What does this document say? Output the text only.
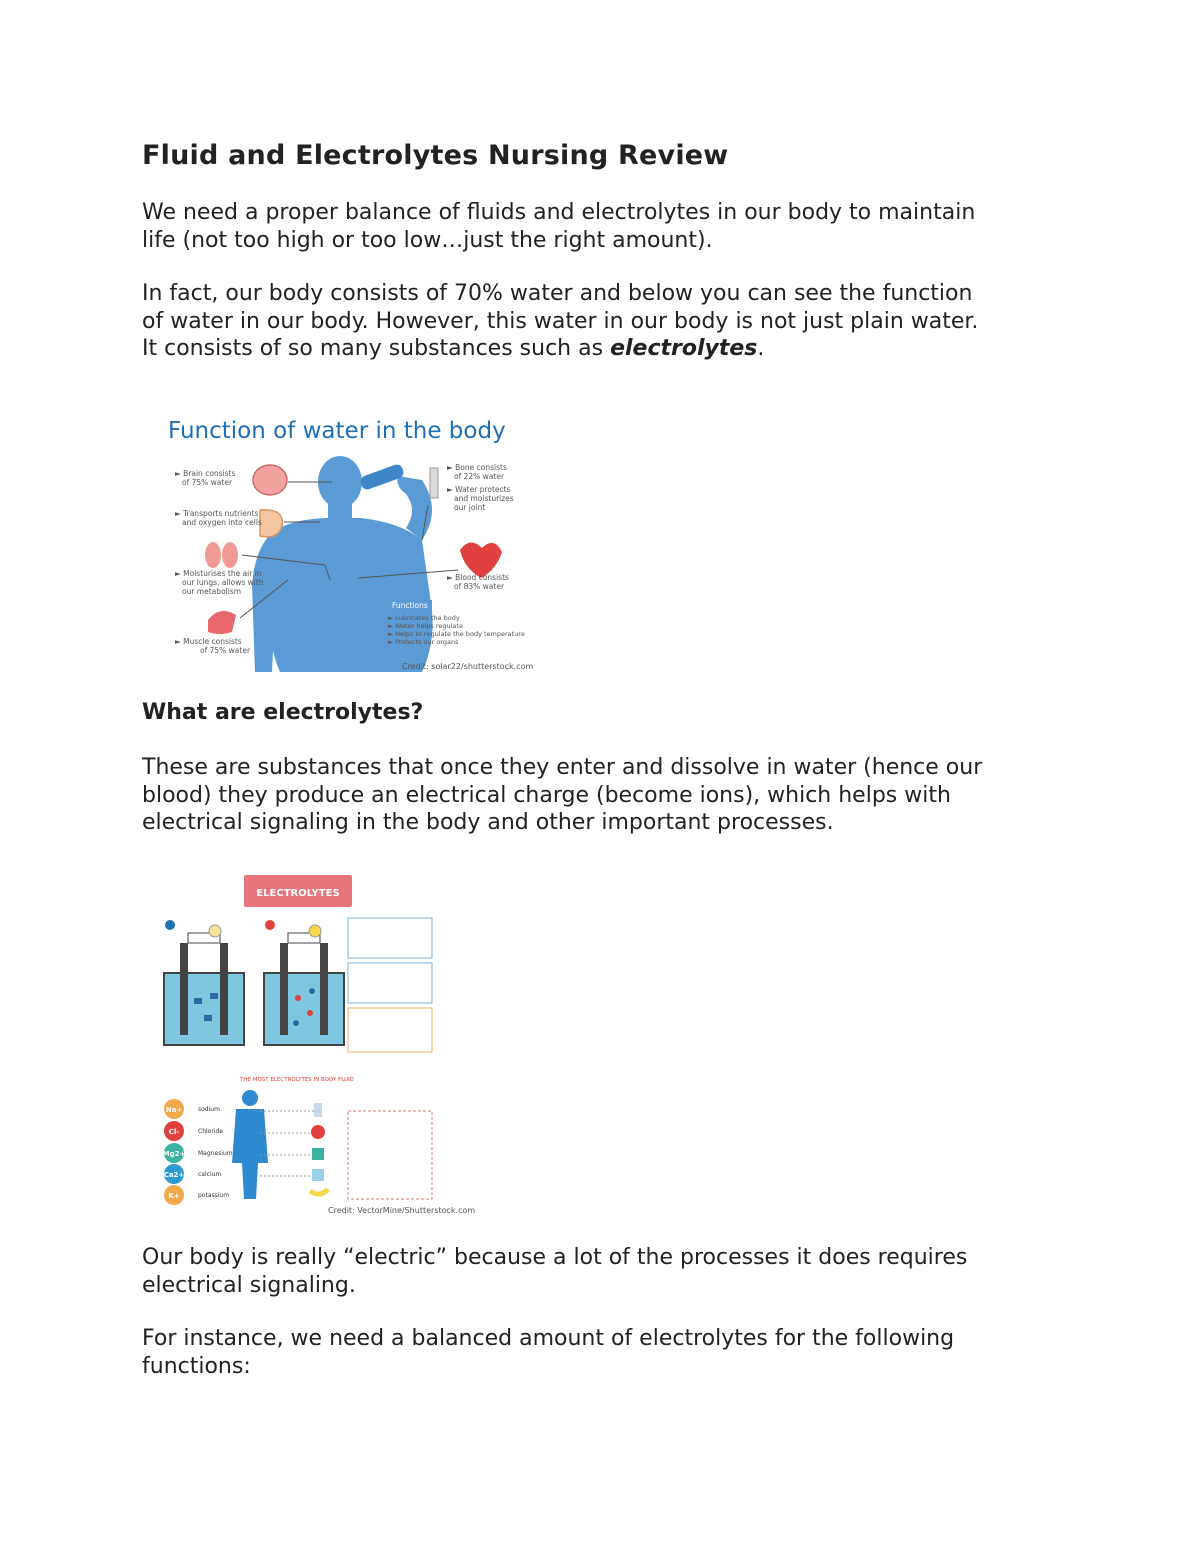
Fluid and Electrolytes Nursing Review

We need a proper balance of fluids and electrolytes in our body to maintain
life (not too high or too low…just the right amount).

In fact, our body consists of 70% water and below you can see the function
of water in our body. However, this water in our body is not just plain water.
It consists of so many substances such as electrolytes.

Function of water in the body
► Brain consists
of 75% water
► Transports nutrients
and oxygen into cells
► Moisturises the air in
our lungs, allows with
our metabolism
► Muscle consists
of 75% water
► Bone consists
of 22% water
► Water protects
and moisturizes
our joint
► Blood consists
of 83% water
Functions
► Lubricates the body
► Water helps regulate
► Helps to regulate the body temperature
► Protects our organs
Credit: solar22/shutterstock.com
What are electrolytes?

These are substances that once they enter and dissolve in water (hence our
blood) they produce an electrical charge (become ions), which helps with
electrical signaling in the body and other important processes.

ELECTROLYTES
THE MOST ELECTROLYTES IN BODY FLUID
Na+
Cl-
Mg2+
Ca2+
K+
sodium
Chloride
Magnesium
calcium
potassium
Credit: VectorMine/Shutterstock.com

Our body is really “electric” because a lot of the processes it does requires
electrical signaling.

For instance, we need a balanced amount of electrolytes for the following
functions:
